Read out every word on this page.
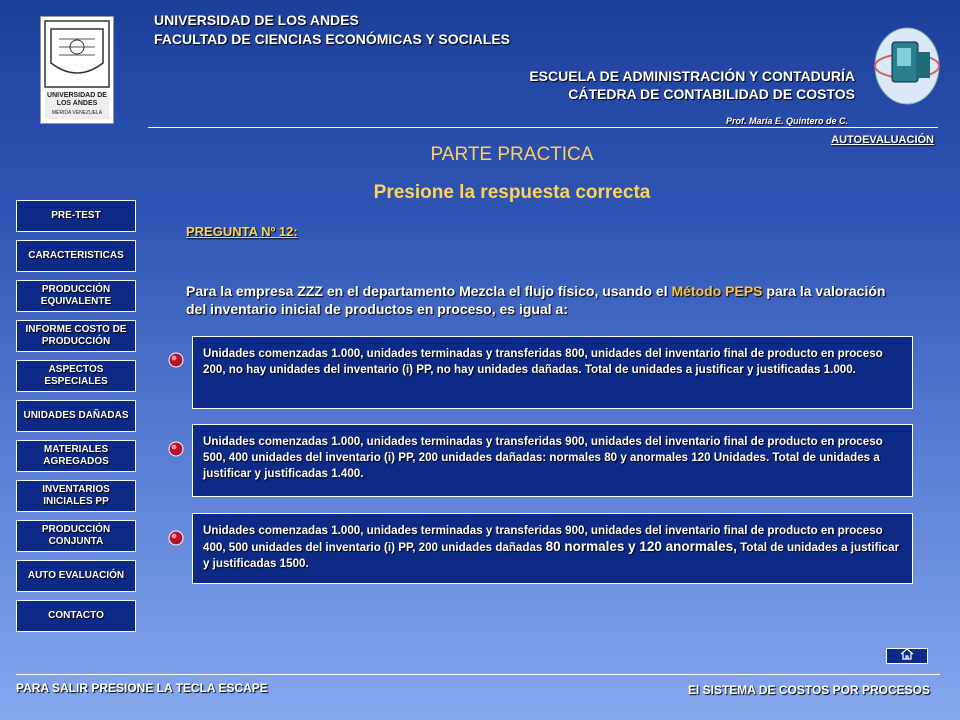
UNIVERSIDAD DE LOS ANDES
MÉRIDA VENEZUELA
UNIVERSIDAD DE LOS ANDES
FACULTAD DE CIENCIAS ECONÓMICAS Y SOCIALES
ESCUELA DE ADMINISTRACIÓN Y CONTADURÍA
CÁTEDRA DE CONTABILIDAD DE COSTOS
Prof. María E. Quintero de C.
AUTOEVALUACIÓN
PARTE PRACTICA
Presione la respuesta correcta
PRE-TEST
CARACTERISTICAS
PRODUCCIÓN EQUIVALENTE
INFORME COSTO DE PRODUCCIÓN
ASPECTOS ESPECIALES
UNIDADES DAÑADAS
MATERIALES AGREGADOS
INVENTARIOS INICIALES PP
PRODUCCIÓN CONJUNTA
AUTO EVALUACIÓN
CONTACTO
PREGUNTA Nº 12:
Para la empresa ZZZ en el departamento Mezcla el flujo físico, usando el Método PEPS para la valoración del inventario inicial de productos en proceso, es igual a:
Unidades comenzadas 1.000, unidades terminadas y transferidas 800, unidades del inventario final de producto en proceso 200, no hay unidades del inventario (i) PP, no hay unidades dañadas. Total de unidades a justificar y justificadas 1.000.
Unidades comenzadas 1.000, unidades terminadas y transferidas 900, unidades del inventario final de producto en proceso 500, 400 unidades del inventario (i) PP, 200 unidades dañadas: normales 80 y anormales 120 Unidades. Total de unidades a justificar y justificadas 1.400.
Unidades comenzadas 1.000, unidades terminadas y transferidas 900, unidades del inventario final de producto en proceso 400, 500 unidades del inventario (i) PP, 200 unidades dañadas 80 normales y 120 anormales, Total de unidades a justificar y justificadas 1500.
PARA SALIR PRESIONE LA TECLA ESCAPE	El SISTEMA DE COSTOS POR PROCESOS
